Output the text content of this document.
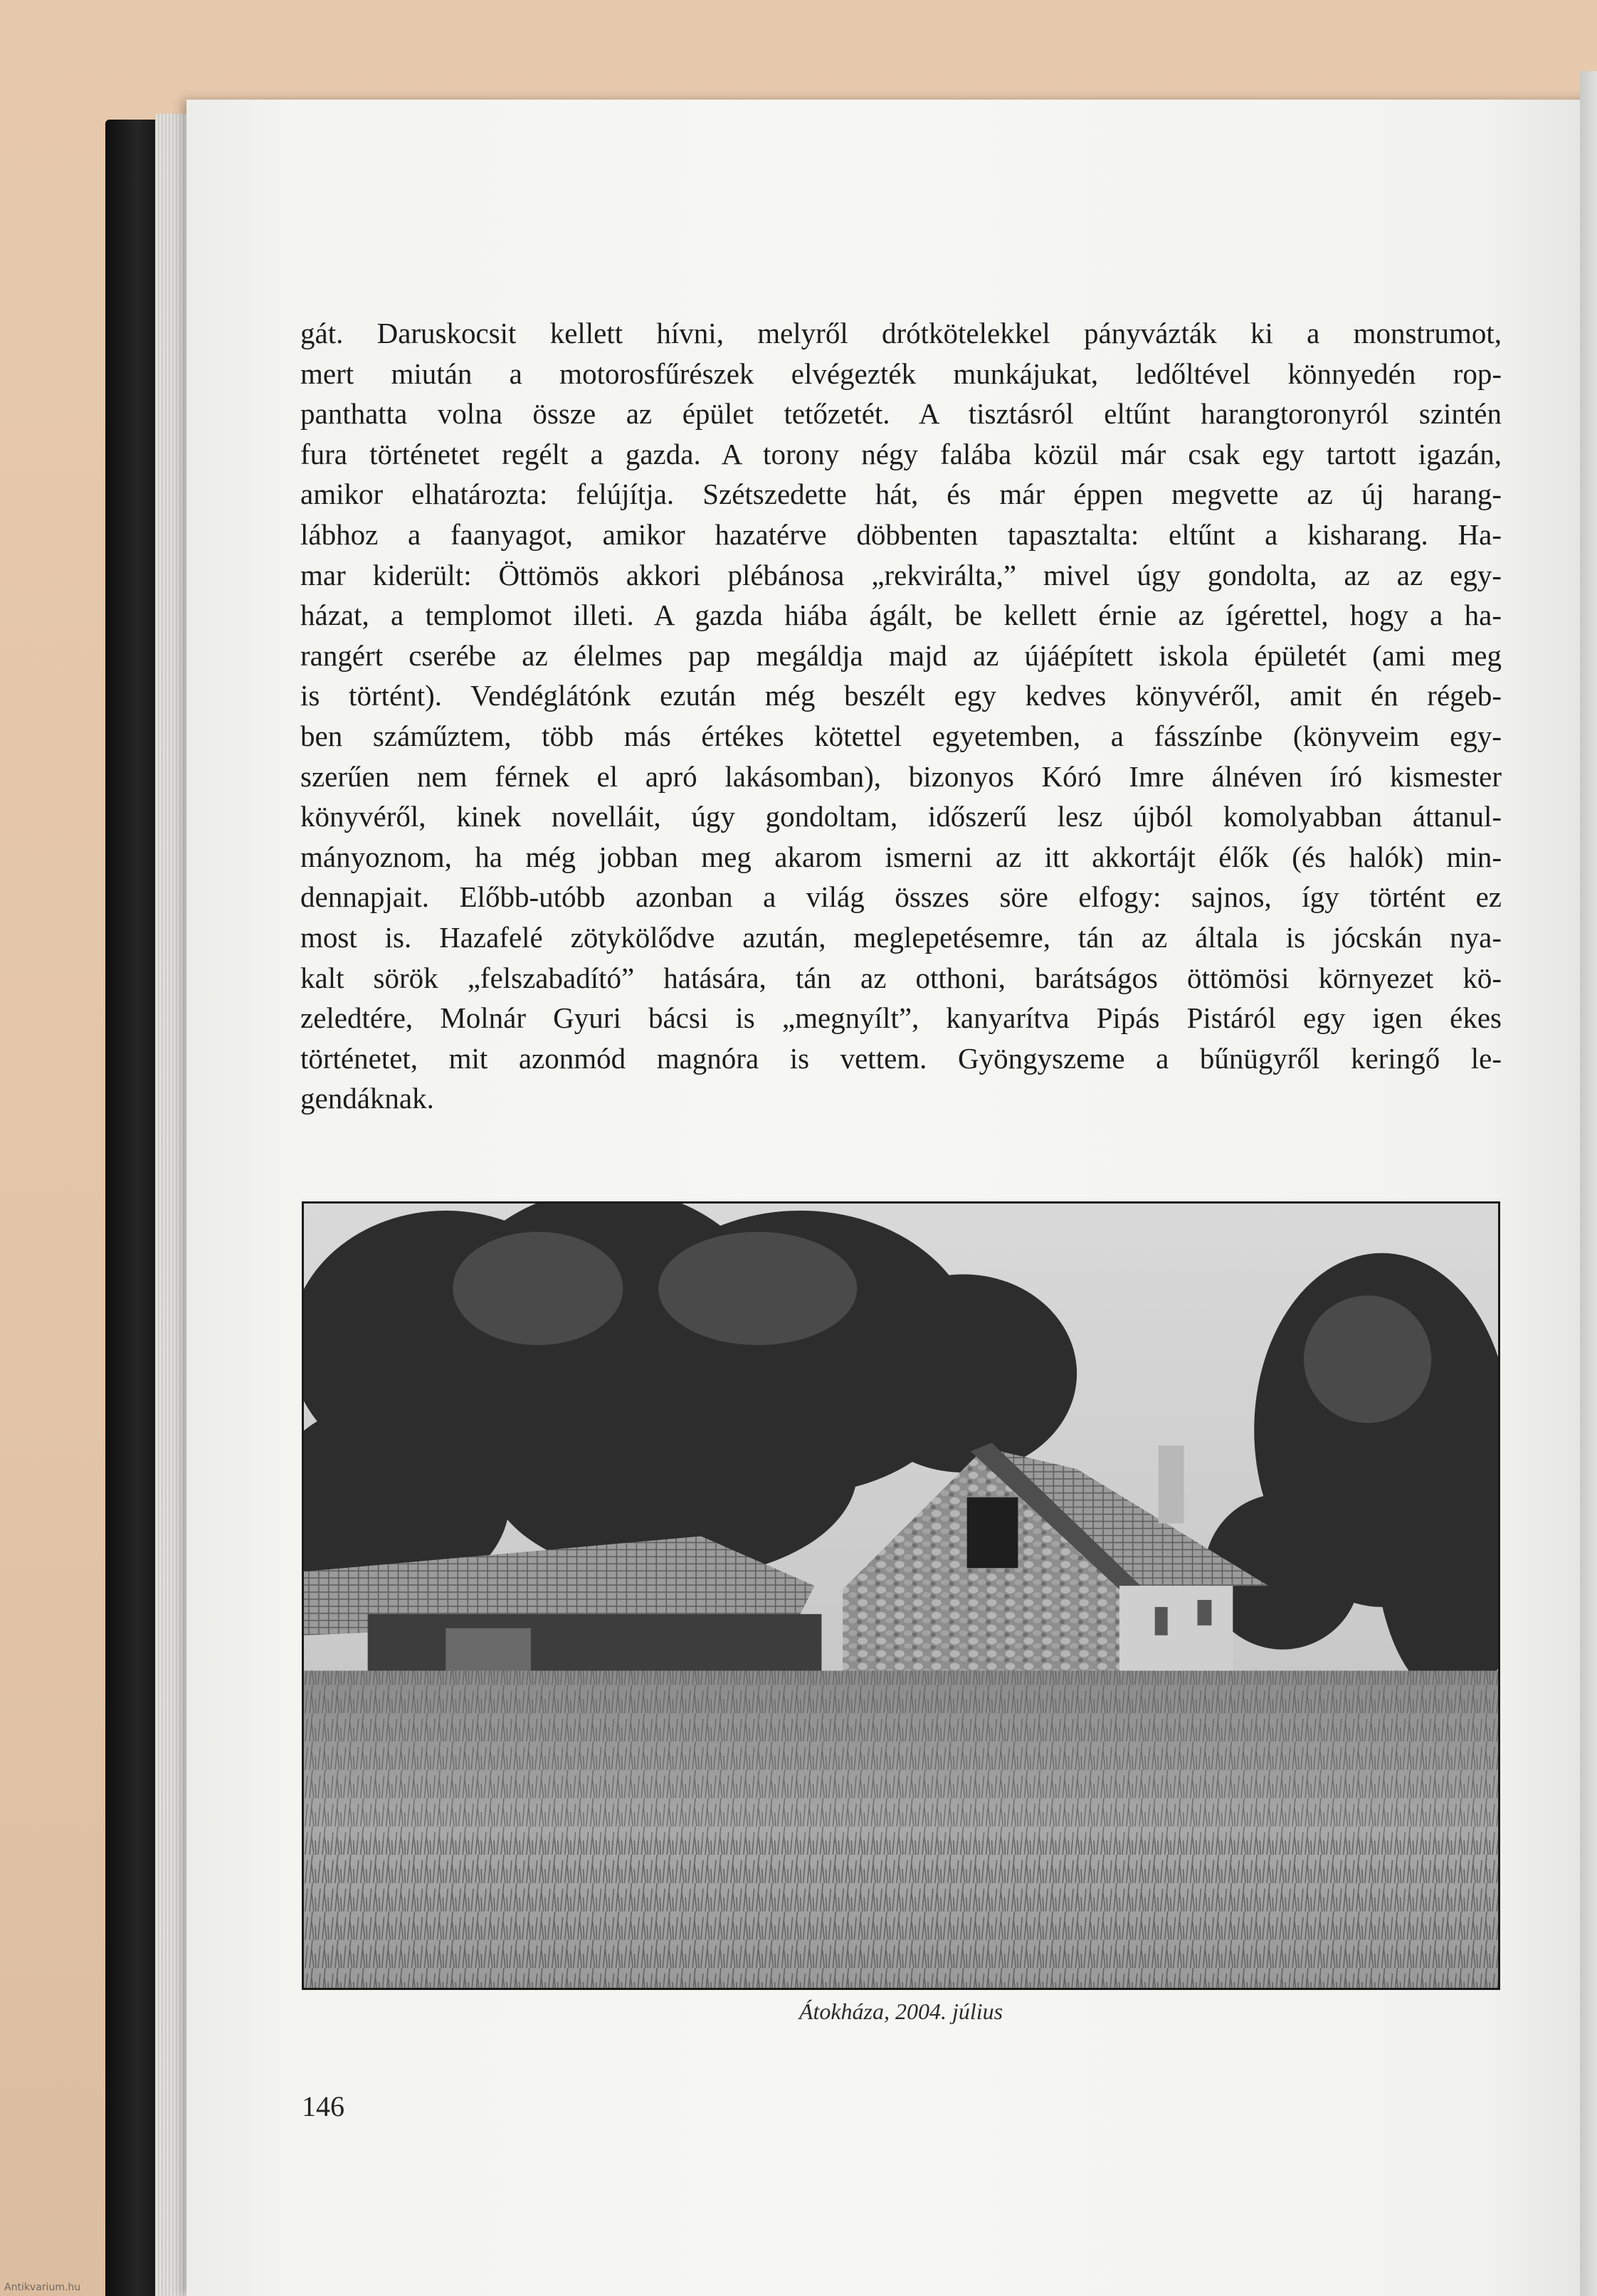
gát. Daruskocsit kellett hívni, melyről drótkötelekkel pányvázták ki a monstrumot,
mert miután a motorosfűrészek elvégezték munkájukat, ledőltével könnyedén rop-
panthatta volna össze az épület tetőzetét. A tisztásról eltűnt harangtoronyról szintén
fura történetet regélt a gazda. A torony négy falába közül már csak egy tartott igazán,
amikor elhatározta: felújítja. Szétszedette hát, és már éppen megvette az új harang-
lábhoz a faanyagot, amikor hazatérve döbbenten tapasztalta: eltűnt a kisharang. Ha-
mar kiderült: Öttömös akkori plébánosa „rekvirálta,” mivel úgy gondolta, az az egy-
házat, a templomot illeti. A gazda hiába ágált, be kellett érnie az ígérettel, hogy a ha-
rangért cserébe az élelmes pap megáldja majd az újáépített iskola épületét (ami meg
is történt). Vendéglátónk ezután még beszélt egy kedves könyvéről, amit én régeb-
ben száműztem, több más értékes kötettel egyetemben, a fásszínbe (könyveim egy-
szerűen nem férnek el apró lakásomban), bizonyos Kóró Imre álnéven író kismester
könyvéről, kinek novelláit, úgy gondoltam, időszerű lesz újból komolyabban áttanul-
mányoznom, ha még jobban meg akarom ismerni az itt akkortájt élők (és halók) min-
dennapjait. Előbb-utóbb azonban a világ összes söre elfogy: sajnos, így történt ez
most is. Hazafelé zötykölődve azután, meglepetésemre, tán az általa is jócskán nya-
kalt sörök „felszabadító” hatására, tán az otthoni, barátságos öttömösi környezet kö-
zeledtére, Molnár Gyuri bácsi is „megnyílt”, kanyarítva Pipás Pistáról egy igen ékes
történetet, mit azonmód magnóra is vettem. Gyöngyszeme a bűnügyről keringő le-
gendáknak.

Átokháza, 2004. július
146
Antikvarium.hu
